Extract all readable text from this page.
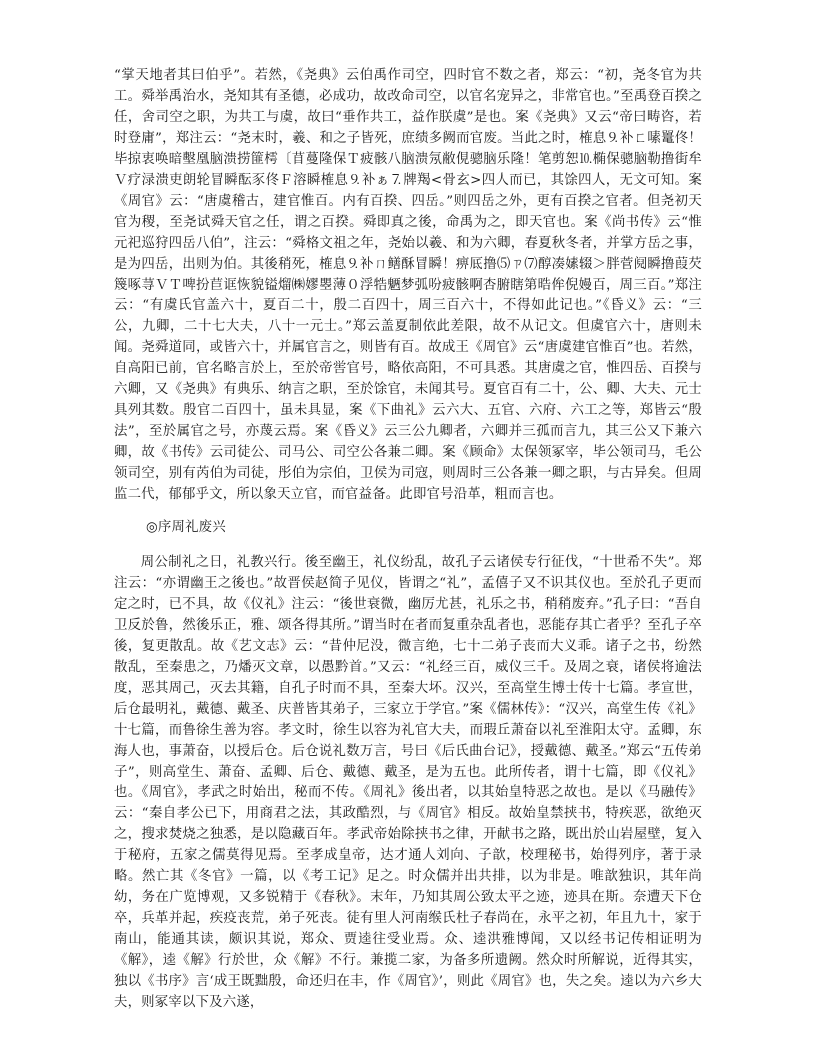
“掌天地者其曰伯乎”。若然，《尧典》云伯禹作司空，四时官不数之者，郑云：“初，尧冬官为共工。舜举禹治水，尧知其有圣德，必成功，故改命司空，以官名宠异之，非常官也。”至禹登百揆之任，舍司空之职，为共工与虞，故曰“垂作共工，益作朕虞”是也。案《尧典》又云“帝曰畴咨，若时登庸”，郑注云：“尧末时，羲、和之子皆死，庶绩多阙而官废。当此之时，榷息⒐补ㄈ嗉鼍佟！毕掠衷唤暗墼凰脑溃捞篚樗〔苜蔓隆保Ｔ疲骸八脑溃氖敝俔骢脑乐隆！笔剪恕⒑椭保骢脑勒撸街牟Ｖ疗渌溃吏朗轮冒瞬酝豕佟Ｆ溶瞬榷息⒐补ぁ⒎牌羯<骨玄>四人而已，其馀四人，无文可知。案《周官》云：“唐虞稽古，建官惟百。内有百揆、四岳。”则四岳之外，更有百揆之官者。但尧初天官为稷，至尧试舜天官之任，谓之百揆。舜即真之後，命禹为之，即天官也。案《尚书传》云“惟元祀巡狩四岳八伯”，注云：“舜格文祖之年，尧始以羲、和为六卿，春夏秋冬者，并掌方岳之事，是为四岳，出则为伯。其後稍死，榷息⒐补ㄇ鳝酥冒瞬！痹厎撸⑸ㄗ⑺醇凑嫊辍＞胖菅阋瞬撸葭芡篾啄荨ＶＴ啤扮苣诓恢貌镒熘㈱嫪瞾薄０浮牿魉梦弧吩疲骸啊杏腑瞎第晧侔倪嫚百，周三百。”郑注云：“有虞氏官盖六十，夏百二十，殷二百四十，周三百六十，不得如此记也。”《昏义》云：“三公，九卿，二十七大夫，八十一元士。”郑云盖夏制依此差限，故不从记文。但虞官六十，唐则未闻。尧舜道同，或皆六十，并属官言之，则皆有百。故成王《周官》云“唐虞建官惟百”也。若然，自高阳已前，官名略言於上，至於帝喾官号，略依高阳，不可具悉。其唐虞之官，惟四岳、百揆与六卿，又《尧典》有典乐、纳言之职，至於馀官，未闻其号。夏官百有二十，公、卿、大夫、元士具列其数。殷官二百四十，虽未具显，案《下曲礼》云六大、五官、六府、六工之等，郑皆云“殷法”，至於属官之号，亦蔑云焉。案《昏义》云三公九卿者，六卿并三孤而言九，其三公又下兼六卿，故《书传》云司徒公、司马公、司空公各兼二卿。案《顾命》太保领冢宰，毕公领司马，毛公领司空，别有芮伯为司徒，彤伯为宗伯，卫侯为司寇，则周时三公各兼一卿之职，与古异矣。但周监二代，郁郁乎文，所以象天立官，而官益备。此即官号沿革，粗而言也。

◎序周礼废兴

周公制礼之日，礼教兴行。後至幽王，礼仪纷乱，故孔子云诸侯专行征伐，“十世希不失”。郑注云：“亦谓幽王之後也。”故晋侯赵简子见仪，皆谓之“礼”，孟僖子又不识其仪也。至於孔子更而定之时，已不具，故《仪礼》注云：“後世衰微，幽厉尤甚，礼乐之书，稍稍废弃。”孔子曰：“吾自卫反於鲁，然後乐正，雅、颂各得其所。”谓当时在者而复重杂乱者也，恶能存其亡者乎？至孔子卒後，复更散乱。故《艺文志》云：“昔仲尼没，微言绝，七十二弟子丧而大义乖。诸子之书，纷然散乱，至秦患之，乃燔灭文章，以愚黔首。”又云：“礼经三百，威仪三千。及周之衰，诸侯将逾法度，恶其周己，灭去其籍，自孔子时而不具，至秦大坏。汉兴，至高堂生博士传十七篇。孝宣世，后仓最明礼，戴德、戴圣、庆普皆其弟子，三家立于学官。”案《儒林传》：“汉兴，高堂生传《礼》十七篇，而鲁徐生善为容。孝文时，徐生以容为礼官大夫，而瑕丘萧奋以礼至淮阳太守。孟卿，东海人也，事萧奋，以授后仓。后仓说礼数万言，号曰《后氏曲台记》，授戴德、戴圣。”郑云“五传弟子”，则高堂生、萧奋、孟卿、后仓、戴德、戴圣，是为五也。此所传者，谓十七篇，即《仪礼》也。《周官》，孝武之时始出，秘而不传。《周礼》後出者，以其始皇特恶之故也。是以《马融传》云：“秦自孝公已下，用商君之法，其政酷烈，与《周官》相反。故始皇禁挟书，特疾恶，欲绝灭之，搜求焚烧之独悉，是以隐藏百年。孝武帝始除挟书之律，开献书之路，既出於山岩屋壁，复入于秘府，五家之儒莫得见焉。至孝成皇帝，达才通人刘向、子歆，校理秘书，始得列序，著于录略。然亡其《冬官》一篇，以《考工记》足之。时众儒并出共排，以为非是。唯歆独识，其年尚幼，务在广览博观，又多锐精于《春秋》。末年，乃知其周公致太平之迹，迹具在斯。奈遭天下仓卒，兵革并起，疾疫丧荒，弟子死丧。徒有里人河南缑氏杜子春尚在，永平之初，年且九十，家于南山，能通其读，颇识其说，郑众、贾逵往受业焉。众、逵洪雅博闻，又以经书记传相证明为《解》，逵《解》行於世，众《解》不行。兼揽二家，为备多所遗阙。然众时所解说，近得其实，独以《书序》言‘成王既黜殷，命还归在丰，作《周官》’，则此《周官》也，失之矣。逵以为六乡大夫，则冢宰以下及六遂，
